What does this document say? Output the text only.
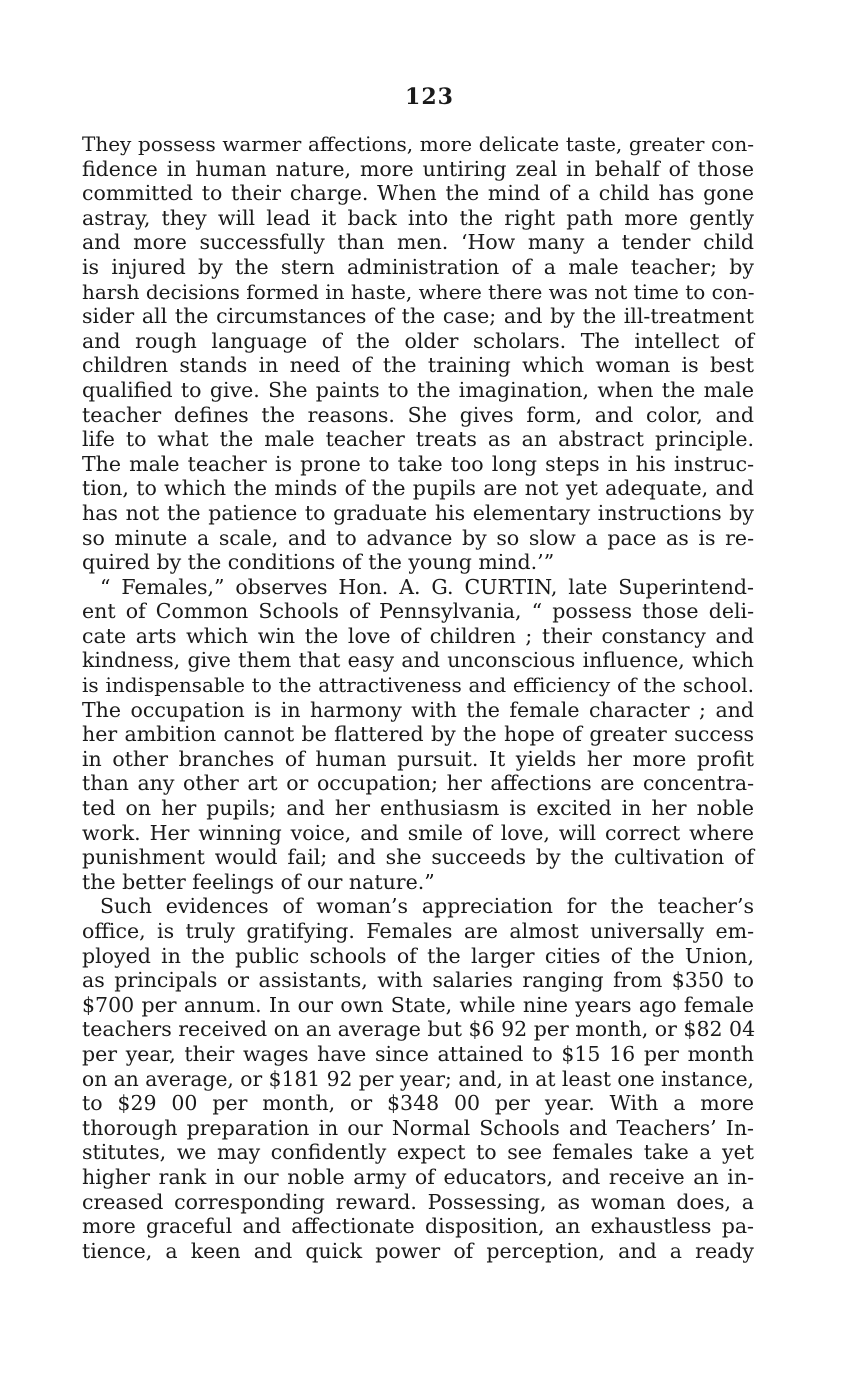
123
They possess warmer affections, more delicate taste, greater con-
fidence in human nature, more untiring zeal in behalf of those
committed to their charge. When the mind of a child has gone
astray, they will lead it back into the right path more gently
and more successfully than men. ‘How many a tender child
is injured by the stern administration of a male teacher; by
harsh decisions formed in haste, where there was not time to con-
sider all the circumstances of the case; and by the ill-treatment
and rough language of the older scholars. The intellect of
children stands in need of the training which woman is best
qualified to give. She paints to the imagination, when the male
teacher defines the reasons. She gives form, and color, and
life to what the male teacher treats as an abstract principle.
The male teacher is prone to take too long steps in his instruc-
tion, to which the minds of the pupils are not yet adequate, and
has not the patience to graduate his elementary instructions by
so minute a scale, and to advance by so slow a pace as is re-
quired by the conditions of the young mind.’”
“ Females,” observes Hon. A. G. CURTIN, late Superintend-
ent of Common Schools of Pennsylvania, “ possess those deli-
cate arts which win the love of children ; their constancy and
kindness, give them that easy and unconscious influence, which
is indispensable to the attractiveness and efficiency of the school.
The occupation is in harmony with the female character ; and
her ambition cannot be flattered by the hope of greater success
in other branches of human pursuit. It yields her more profit
than any other art or occupation; her affections are concentra-
ted on her pupils; and her enthusiasm is excited in her noble
work. Her winning voice, and smile of love, will correct where
punishment would fail; and she succeeds by the cultivation of
the better feelings of our nature.”
Such evidences of woman’s appreciation for the teacher’s
office, is truly gratifying. Females are almost universally em-
ployed in the public schools of the larger cities of the Union,
as principals or assistants, with salaries ranging from $350 to
$700 per annum. In our own State, while nine years ago female
teachers received on an average but $6 92 per month, or $82 04
per year, their wages have since attained to $15 16 per month
on an average, or $181 92 per year; and, in at least one instance,
to $29 00 per month, or $348 00 per year. With a more
thorough preparation in our Normal Schools and Teachers’ In-
stitutes, we may confidently expect to see females take a yet
higher rank in our noble army of educators, and receive an in-
creased corresponding reward. Possessing, as woman does, a
more graceful and affectionate disposition, an exhaustless pa-
tience, a keen and quick power of perception, and a ready
